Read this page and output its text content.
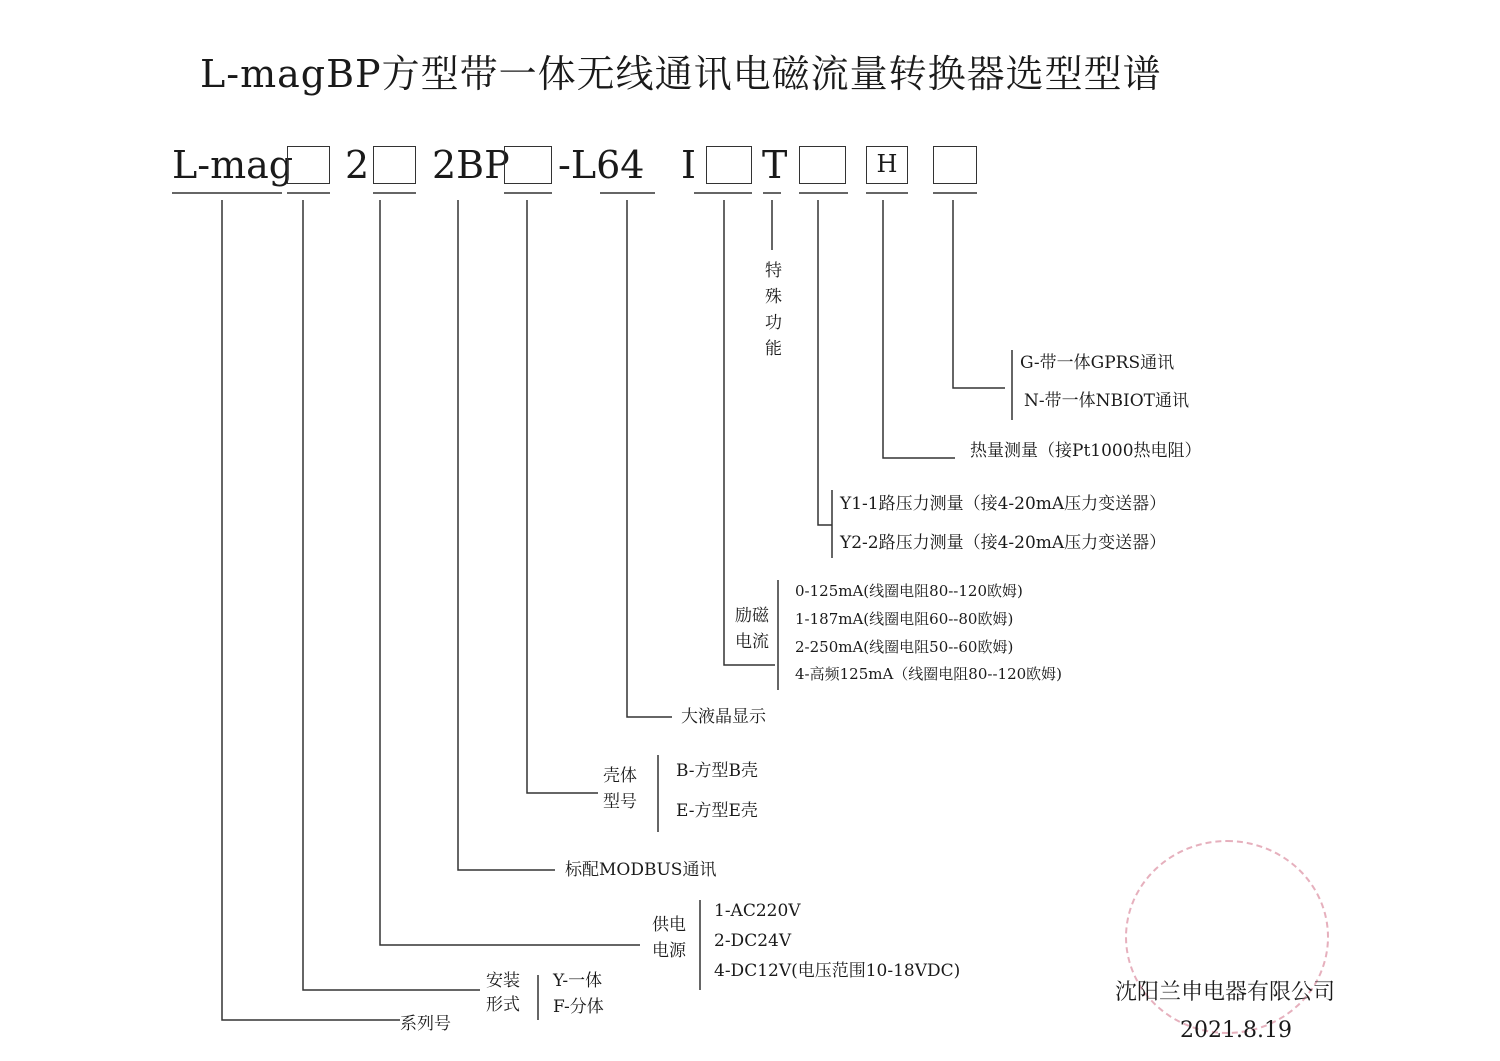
L-magBP方型带一体无线通讯电磁流量转换器选型型谱
L-mag 2 2BP -L64 I T	H
特殊功能
G-带一体GPRS通讯
N-带一体NBIOT通讯
热量测量（接Pt1000热电阻）
Y1-1路压力测量（接4-20mA压力变送器）
Y2-2路压力测量（接4-20mA压力变送器）
励磁
电流
0-125mA(线圈电阻80--120欧姆)
1-187mA(线圈电阻60--80欧姆)
2-250mA(线圈电阻50--60欧姆)
4-高频125mA（线圈电阻80--120欧姆)
大液晶显示
壳体
型号
B-方型B壳
E-方型E壳
标配MODBUS通讯
供电
电源
1-AC220V
2-DC24V
4-DC12V(电压范围10-18VDC)
安装
形式
Y-一体
F-分体
系列号
沈阳兰申电器有限公司
2021.8.19
